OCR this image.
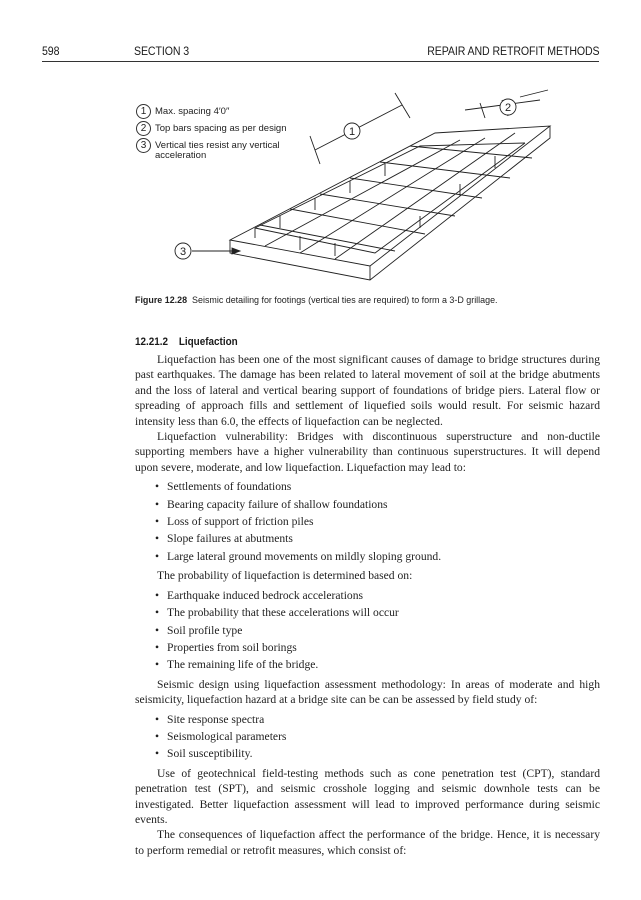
598	SECTION 3	REPAIR AND RETROFIT METHODS
1
2
3
1 Max. spacing 4′0″
2 Top bars spacing as per design
3 Vertical ties resist any vertical
acceleration
Figure 12.28 Seismic detailing for footings (vertical ties are required) to form a 3-D grillage.
12.21.2 Liquefaction

Liquefaction has been one of the most significant causes of damage to bridge structures during past earthquakes. The damage has been related to lateral movement of soil at the bridge abutments and the loss of lateral and vertical bearing support of foundations of bridge piers. Lateral flow or spreading of approach fills and settlement of liquefied soils would result. For seismic hazard intensity less than 6.0, the effects of liquefaction can be neglected.

Liquefaction vulnerability: Bridges with discontinuous superstructure and non-ductile supporting members have a higher vulnerability than continuous superstructures. It will depend upon severe, moderate, and low liquefaction. Liquefaction may lead to:

• Settlements of foundations
• Bearing capacity failure of shallow foundations
• Loss of support of friction piles
• Slope failures at abutments
• Large lateral ground movements on mildly sloping ground.

The probability of liquefaction is determined based on:

• Earthquake induced bedrock accelerations
• The probability that these accelerations will occur
• Soil profile type
• Properties from soil borings
• The remaining life of the bridge.

Seismic design using liquefaction assessment methodology: In areas of moderate and high seismicity, liquefaction hazard at a bridge site can be can be assessed by field study of:

• Site response spectra
• Seismological parameters
• Soil susceptibility.

Use of geotechnical field-testing methods such as cone penetration test (CPT), standard penetration test (SPT), and seismic crosshole logging and seismic downhole tests can be investigated. Better liquefaction assessment will lead to improved performance during seismic events.

The consequences of liquefaction affect the performance of the bridge. Hence, it is necessary to perform remedial or retrofit measures, which consist of:
